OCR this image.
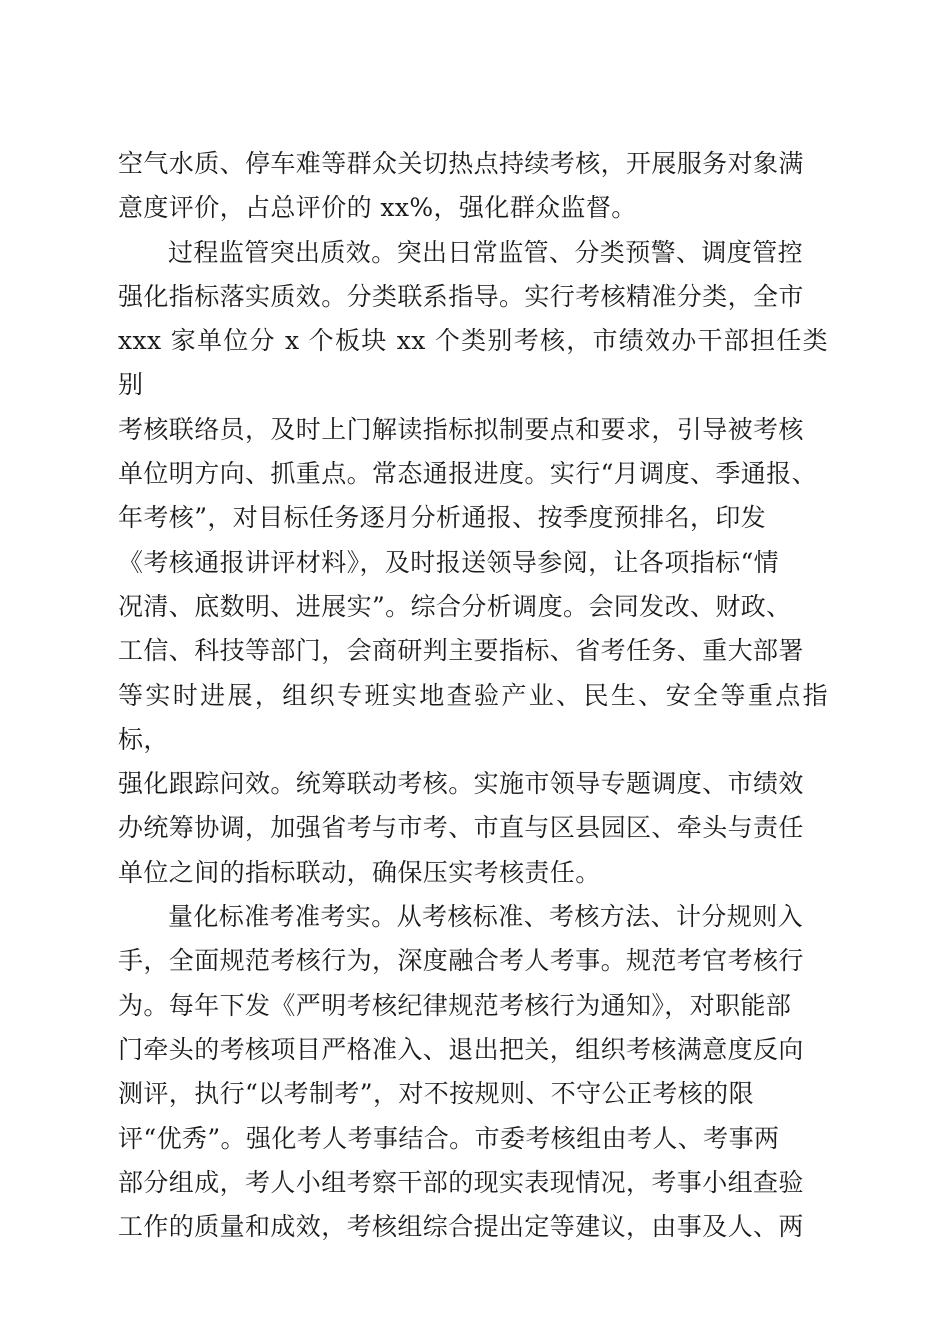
空气水质、停车难等群众关切热点持续考核，开展服务对象满
意度评价，占总评价的 xx%，强化群众监督。
过程监管突出质效。突出日常监管、分类预警、调度管控
强化指标落实质效。分类联系指导。实行考核精准分类，全市
xxx 家单位分 x 个板块 xx 个类别考核，市绩效办干部担任类别
考核联络员，及时上门解读指标拟制要点和要求，引导被考核
单位明方向、抓重点。常态通报进度。实行“月调度、季通报、
年考核”，对目标任务逐月分析通报、按季度预排名，印发
《考核通报讲评材料》，及时报送领导参阅，让各项指标“情
况清、底数明、进展实”。综合分析调度。会同发改、财政、
工信、科技等部门，会商研判主要指标、省考任务、重大部署
等实时进展，组织专班实地查验产业、民生、安全等重点指标，
强化跟踪问效。统筹联动考核。实施市领导专题调度、市绩效
办统筹协调，加强省考与市考、市直与区县园区、牵头与责任
单位之间的指标联动，确保压实考核责任。
量化标准考准考实。从考核标准、考核方法、计分规则入
手，全面规范考核行为，深度融合考人考事。规范考官考核行
为。每年下发《严明考核纪律规范考核行为通知》，对职能部
门牵头的考核项目严格准入、退出把关，组织考核满意度反向
测评，执行“以考制考”，对不按规则、不守公正考核的限
评“优秀”。强化考人考事结合。市委考核组由考人、考事两
部分组成，考人小组考察干部的现实表现情况，考事小组查验
工作的质量和成效，考核组综合提出定等建议，由事及人、两
